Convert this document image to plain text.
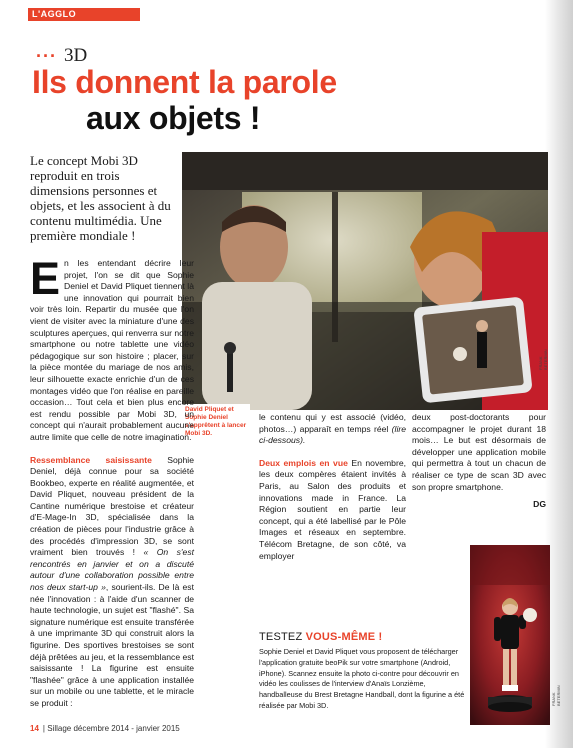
L'AGGLO
··· 3D
Ils donnent la parole
aux objets !
Le concept Mobi 3D reproduit en trois dimensions personnes et objets, et les associent à du contenu multimédia. Une première mondiale !
FRANK BETERMIN
David Pliquet et Sophie Deniel s'apprêtent à lancer Mobi 3D.

En les entendant décrire leur projet, l'on se dit que Sophie Deniel et David Pliquet tiennent là une innovation qui pourrait bien voir très loin. Repartir du musée que l'on vient de visiter avec la miniature d'une des sculptures aperçues, qui renverra sur notre smartphone ou notre tablette une vidéo pédagogique sur son histoire ; placer, sur la pièce montée du mariage de nos amis, leur silhouette exacte enrichie d'un de ces montages vidéo que l'on réalise en pareille occasion… Tout cela et bien plus encore est rendu possible par Mobi 3D, un concept qui n'aurait probablement aucune autre limite que celle de notre imagination.

Ressemblance saisissante Sophie Deniel, déjà connue pour sa société Bookbeo, experte en réalité augmentée, et David Pliquet, nouveau président de la Cantine numérique brestoise et créateur d'E-Mage-In 3D, spécialisée dans la création de pièces pour l'industrie grâce à des procédés d'impression 3D, se sont vraiment bien trouvés ! « On s'est rencontrés en janvier et on a discuté autour d'une collaboration possible entre nos deux start-up », sourient-ils. De là est née l'innovation : à l'aide d'un scanner de haute technologie, un sujet est "flashé". Sa signature numérique est ensuite transférée à une imprimante 3D qui construit alors la figurine. Des sportives brestoises se sont déjà prêtées au jeu, et la ressemblance est saisissante ! La figurine est ensuite "flashée" grâce à une application installée sur un mobile ou une tablette, et le miracle se produit :

le contenu qui y est associé (vidéo, photos…) apparaît en temps réel (lire ci-dessous).

Deux emplois en vue En novembre, les deux compères étaient invités à Paris, au Salon des produits et innovations made in France. La Région soutient en partie leur concept, qui a été labellisé par le Pôle Images et réseaux en septembre. Télécom Bretagne, de son côté, va employer

deux post-doctorants pour accompagner le projet durant 18 mois… Le but est désormais de développer une application mobile qui permettra à tout un chacun de réaliser ce type de scan 3D avec son propre smartphone.

DG
TESTEZ VOUS-MÊME !
Sophie Deniel et David Pliquet vous proposent de télécharger l'application gratuite beoPik sur votre smartphone (Android, iPhone). Scannez ensuite la photo ci-contre pour découvrir en vidéo les coulisses de l'interview d'Anaïs Lonzième, handballeuse du Brest Bretagne Handball, dont la figurine a été réalisée par Mobi 3D.	FRANK BETERMIN
14 | Sillage décembre 2014 - janvier 2015
